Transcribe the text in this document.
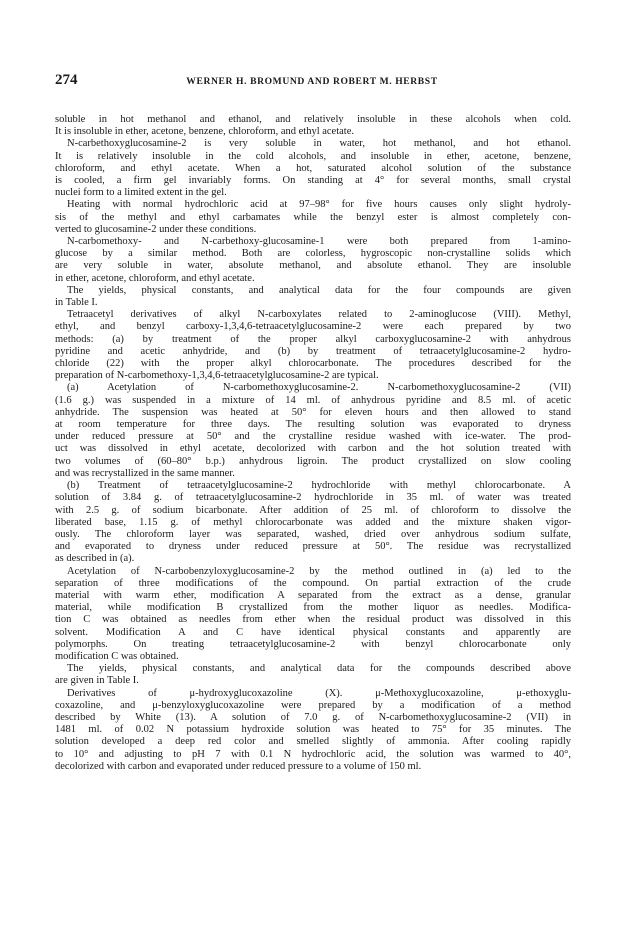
274	WERNER H. BROMUND AND ROBERT M. HERBST
soluble in hot methanol and ethanol, and relatively insoluble in these alcohols when cold.
It is insoluble in ether, acetone, benzene, chloroform, and ethyl acetate.
N-carbethoxyglucosamine-2 is very soluble in water, hot methanol, and hot ethanol.
It is relatively insoluble in the cold alcohols, and insoluble in ether, acetone, benzene,
chloroform, and ethyl acetate. When a hot, saturated alcohol solution of the substance
is cooled, a firm gel invariably forms. On standing at 4° for several months, small crystal
nuclei form to a limited extent in the gel.
Heating with normal hydrochloric acid at 97–98° for five hours causes only slight hydroly-
sis of the methyl and ethyl carbamates while the benzyl ester is almost completely con-
verted to glucosamine-2 under these conditions.
N-carbomethoxy- and N-carbethoxy-glucosamine-1 were both prepared from 1-amino-
glucose by a similar method. Both are colorless, hygroscopic non-crystalline solids which
are very soluble in water, absolute methanol, and absolute ethanol. They are insoluble
in ether, acetone, chloroform, and ethyl acetate.
The yields, physical constants, and analytical data for the four compounds are given
in Table I.
Tetraacetyl derivatives of alkyl N-carboxylates related to 2-aminoglucose (VIII). Methyl,
ethyl, and benzyl carboxy-1,3,4,6-tetraacetylglucosamine-2 were each prepared by two
methods: (a) by treatment of the proper alkyl carboxyglucosamine-2 with anhydrous
pyridine and acetic anhydride, and (b) by treatment of tetraacetylglucosamine-2 hydro-
chloride (22) with the proper alkyl chlorocarbonate. The procedures described for the
preparation of N-carbomethoxy-1,3,4,6-tetraacetylglucosamine-2 are typical.
(a) Acetylation of N-carbomethoxyglucosamine-2. N-carbomethoxyglucosamine-2 (VII)
(1.6 g.) was suspended in a mixture of 14 ml. of anhydrous pyridine and 8.5 ml. of acetic
anhydride. The suspension was heated at 50° for eleven hours and then allowed to stand
at room temperature for three days. The resulting solution was evaporated to dryness
under reduced pressure at 50° and the crystalline residue washed with ice-water. The prod-
uct was dissolved in ethyl acetate, decolorized with carbon and the hot solution treated with
two volumes of (60–80° b.p.) anhydrous ligroin. The product crystallized on slow cooling
and was recrystallized in the same manner.
(b) Treatment of tetraacetylglucosamine-2 hydrochloride with methyl chlorocarbonate. A
solution of 3.84 g. of tetraacetylglucosamine-2 hydrochloride in 35 ml. of water was treated
with 2.5 g. of sodium bicarbonate. After addition of 25 ml. of chloroform to dissolve the
liberated base, 1.15 g. of methyl chlorocarbonate was added and the mixture shaken vigor-
ously. The chloroform layer was separated, washed, dried over anhydrous sodium sulfate,
and evaporated to dryness under reduced pressure at 50°. The residue was recrystallized
as described in (a).
Acetylation of N-carbobenzyloxyglucosamine-2 by the method outlined in (a) led to the
separation of three modifications of the compound. On partial extraction of the crude
material with warm ether, modification A separated from the extract as a dense, granular
material, while modification B crystallized from the mother liquor as needles. Modifica-
tion C was obtained as needles from ether when the residual product was dissolved in this
solvent. Modification A and C have identical physical constants and apparently are
polymorphs. On treating tetraacetylglucosamine-2 with benzyl chlorocarbonate only
modification C was obtained.
The yields, physical constants, and analytical data for the compounds described above
are given in Table I.
Derivatives of μ-hydroxyglucoxazoline (X). μ-Methoxyglucoxazoline, μ-ethoxyglu-
coxazoline, and μ-benzyloxyglucoxazoline were prepared by a modification of a method
described by White (13). A solution of 7.0 g. of N-carbomethoxyglucosamine-2 (VII) in
1481 ml. of 0.02 N potassium hydroxide solution was heated to 75° for 35 minutes. The
solution developed a deep red color and smelled slightly of ammonia. After cooling rapidly
to 10° and adjusting to pH 7 with 0.1 N hydrochloric acid, the solution was warmed to 40°,
decolorized with carbon and evaporated under reduced pressure to a volume of 150 ml.
